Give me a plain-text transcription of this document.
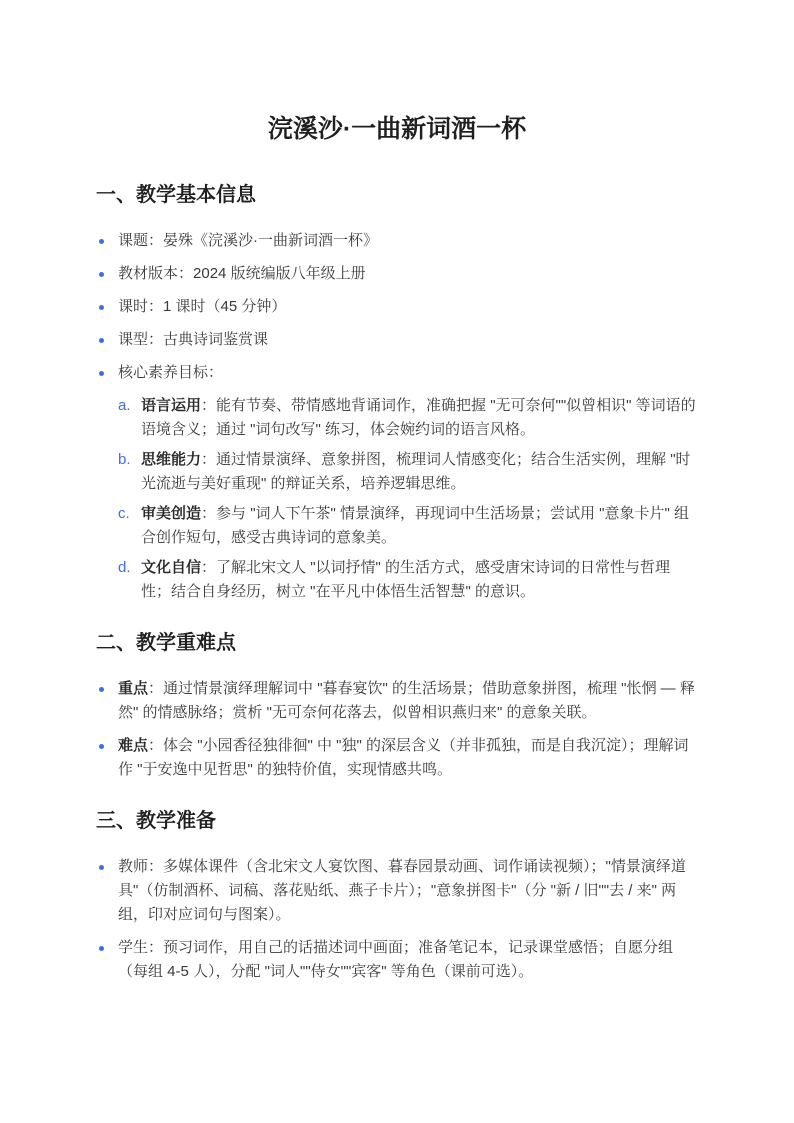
浣溪沙·一曲新词酒一杯
一、教学基本信息
课题：晏殊《浣溪沙·一曲新词酒一杯》
教材版本：2024 版统编版八年级上册
课时：1 课时（45 分钟）
课型：古典诗词鉴赏课
核心素养目标：
a. 语言运用：能有节奏、带情感地背诵词作，准确把握 "无可奈何""似曾相识" 等词语的语境含义；通过 "词句改写" 练习，体会婉约词的语言风格。
b. 思维能力：通过情景演绎、意象拼图，梳理词人情感变化；结合生活实例，理解 "时光流逝与美好重现" 的辩证关系，培养逻辑思维。
c. 审美创造：参与 "词人下午茶" 情景演绎，再现词中生活场景；尝试用 "意象卡片" 组合创作短句，感受古典诗词的意象美。
d. 文化自信：了解北宋文人 "以词抒情" 的生活方式，感受唐宋诗词的日常性与哲理性；结合自身经历，树立 "在平凡中体悟生活智慧" 的意识。
二、教学重难点
重点：通过情景演绎理解词中 "暮春宴饮" 的生活场景；借助意象拼图，梳理 "怅惘 — 释然" 的情感脉络；赏析 "无可奈何花落去，似曾相识燕归来" 的意象关联。
难点：体会 "小园香径独徘徊" 中 "独" 的深层含义（并非孤独，而是自我沉淀）；理解词作 "于安逸中见哲思" 的独特价值，实现情感共鸣。
三、教学准备
教师：多媒体课件（含北宋文人宴饮图、暮春园景动画、词作诵读视频）；"情景演绎道具"（仿制酒杯、词稿、落花贴纸、燕子卡片）；"意象拼图卡"（分 "新 / 旧""去 / 来" 两组，印对应词句与图案）。
学生：预习词作，用自己的话描述词中画面；准备笔记本，记录课堂感悟；自愿分组（每组 4-5 人），分配 "词人""侍女""宾客" 等角色（课前可选）。
